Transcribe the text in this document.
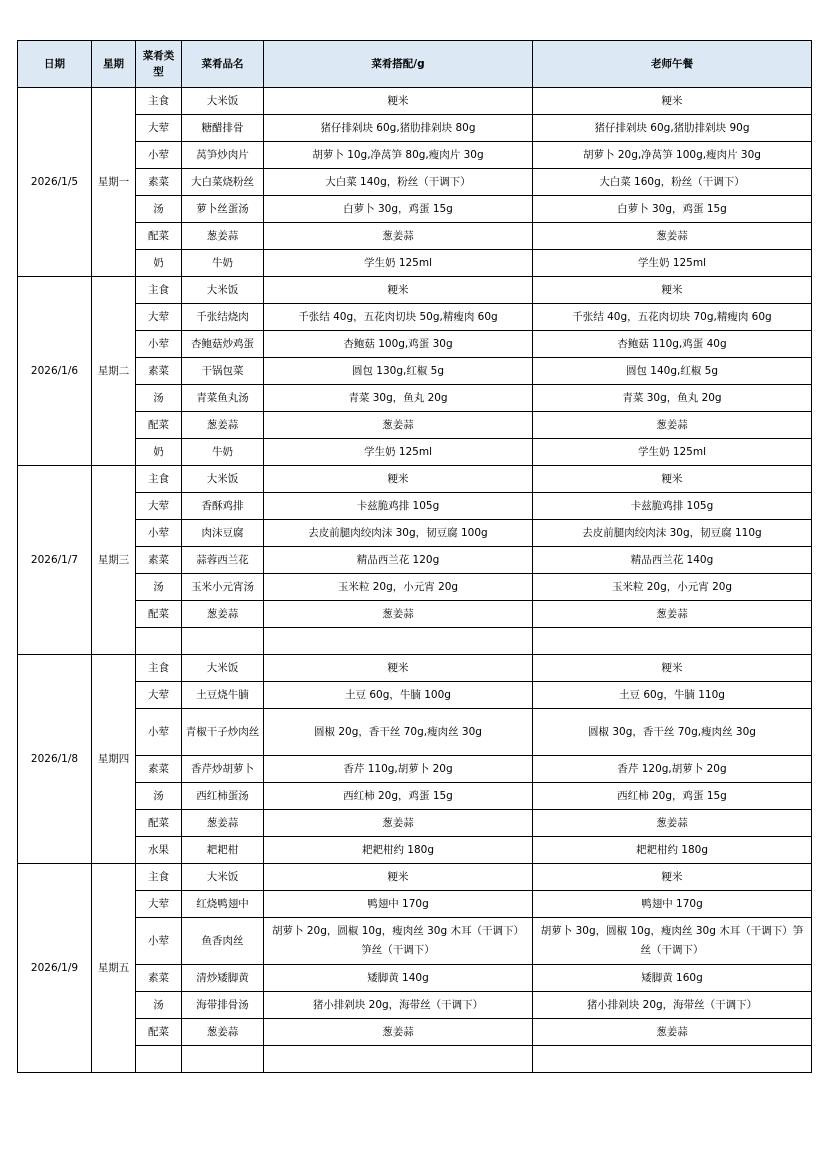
日期	星期	菜肴类型	菜肴品名	菜肴搭配/g	老师午餐
2026/1/5	星期一	主食	大米饭	粳米	粳米
		大荤	糖醋排骨	猪仔排剁块 60g,猪肋排剁块 80g	猪仔排剁块 60g,猪肋排剁块 90g
		小荤	莴笋炒肉片	胡萝卜 10g,净莴笋 80g,瘦肉片 30g	胡萝卜 20g,净莴笋 100g,瘦肉片 30g
		素菜	大白菜烧粉丝	大白菜 140g，粉丝（干调下）	大白菜 160g，粉丝（干调下）
		汤	萝卜丝蛋汤	白萝卜 30g，鸡蛋 15g	白萝卜 30g，鸡蛋 15g
		配菜	葱姜蒜	葱姜蒜	葱姜蒜
		奶	牛奶	学生奶 125ml	学生奶 125ml
2026/1/6	星期二	主食	大米饭	粳米	粳米
		大荤	千张结烧肉	千张结 40g，五花肉切块 50g,精瘦肉 60g	千张结 40g，五花肉切块 70g,精瘦肉 60g
		小荤	杏鲍菇炒鸡蛋	杏鲍菇 100g,鸡蛋 30g	杏鲍菇 110g,鸡蛋 40g
		素菜	干锅包菜	圆包 130g,红椒 5g	圆包 140g,红椒 5g
		汤	青菜鱼丸汤	青菜 30g，鱼丸 20g	青菜 30g，鱼丸 20g
		配菜	葱姜蒜	葱姜蒜	葱姜蒜
		奶	牛奶	学生奶 125ml	学生奶 125ml
2026/1/7	星期三	主食	大米饭	粳米	粳米
		大荤	香酥鸡排	卡兹脆鸡排 105g	卡兹脆鸡排 105g
		小荤	肉沫豆腐	去皮前腿肉绞肉沫 30g，韧豆腐 100g	去皮前腿肉绞肉沫 30g，韧豆腐 110g
		素菜	蒜蓉西兰花	精品西兰花 120g	精品西兰花 140g
		汤	玉米小元宵汤	玉米粒 20g，小元宵 20g	玉米粒 20g，小元宵 20g
		配菜	葱姜蒜	葱姜蒜	葱姜蒜

2026/1/8	星期四	主食	大米饭	粳米	粳米
		大荤	土豆烧牛腩	土豆 60g，牛腩 100g	土豆 60g，牛腩 110g
		小荤	青椒干子炒肉丝	圆椒 20g，香干丝 70g,瘦肉丝 30g	圆椒 30g，香干丝 70g,瘦肉丝 30g
		素菜	香芹炒胡萝卜	香芹 110g,胡萝卜 20g	香芹 120g,胡萝卜 20g
		汤	西红柿蛋汤	西红柿 20g，鸡蛋 15g	西红柿 20g，鸡蛋 15g
		配菜	葱姜蒜	葱姜蒜	葱姜蒜
		水果	耙耙柑	耙耙柑约 180g	耙耙柑约 180g
2026/1/9	星期五	主食	大米饭	粳米	粳米
		大荤	红烧鸭翅中	鸭翅中 170g	鸭翅中 170g
		小荤	鱼香肉丝	胡萝卜 20g，圆椒 10g，瘦肉丝 30g 木耳（干调下）笋丝（干调下）	胡萝卜 30g，圆椒 10g，瘦肉丝 30g 木耳（干调下）笋丝（干调下）
		素菜	清炒矮脚黄	矮脚黄 140g	矮脚黄 160g
		汤	海带排骨汤	猪小排剁块 20g，海带丝（干调下）	猪小排剁块 20g，海带丝（干调下）
		配菜	葱姜蒜	葱姜蒜	葱姜蒜
